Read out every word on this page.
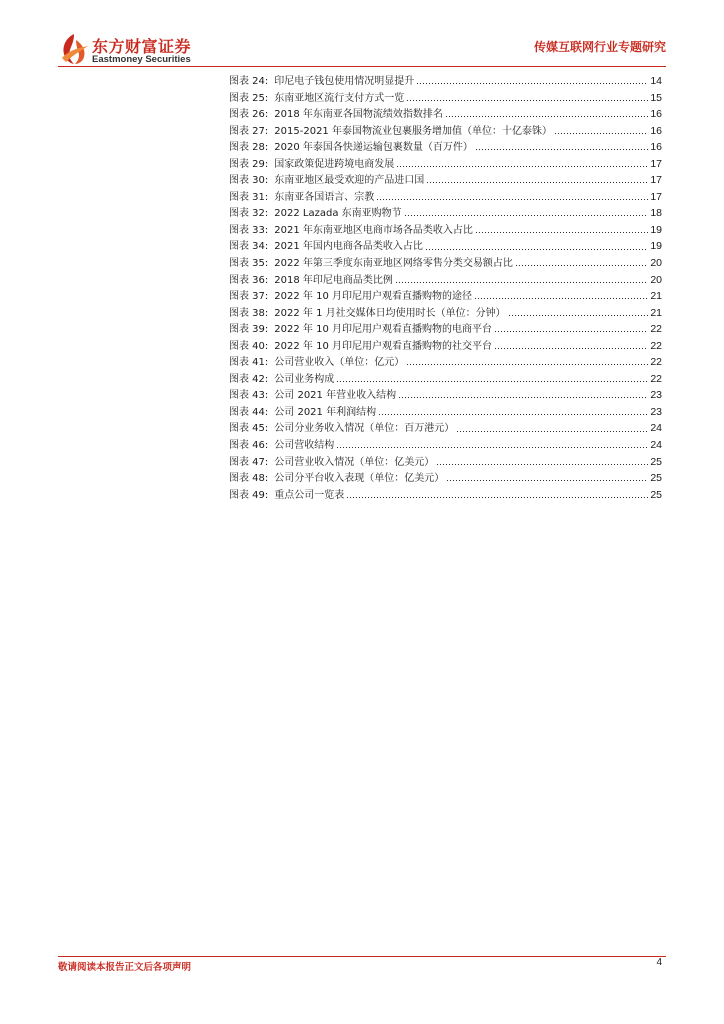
东方财富证券
Eastmoney Securities
传媒互联网行业专题研究
图表 24: 印尼电子钱包使用情况明显提升	14
图表 25: 东南亚地区流行支付方式一览	15
图表 26: 2018 年东南亚各国物流绩效指数排名	16
图表 27: 2015-2021 年泰国物流业包裹服务增加值（单位：十亿泰铢）	16
图表 28: 2020 年泰国各快递运输包裹数量（百万件）	16
图表 29: 国家政策促进跨境电商发展	17
图表 30: 东南亚地区最受欢迎的产品进口国	17
图表 31: 东南亚各国语言、宗教	17
图表 32: 2022 Lazada 东南亚购物节	18
图表 33: 2021 年东南亚地区电商市场各品类收入占比	19
图表 34: 2021 年国内电商各品类收入占比	19
图表 35: 2022 年第三季度东南亚地区网络零售分类交易额占比	20
图表 36: 2018 年印尼电商品类比例	20
图表 37: 2022 年 10 月印尼用户观看直播购物的途径	21
图表 38: 2022 年 1 月社交媒体日均使用时长（单位：分钟）	21
图表 39: 2022 年 10 月印尼用户观看直播购物的电商平台	22
图表 40: 2022 年 10 月印尼用户观看直播购物的社交平台	22
图表 41: 公司营业收入（单位：亿元）	22
图表 42: 公司业务构成	22
图表 43: 公司 2021 年营业收入结构	23
图表 44: 公司 2021 年利润结构	23
图表 45: 公司分业务收入情况（单位：百万港元）	24
图表 46: 公司营收结构	24
图表 47: 公司营业收入情况（单位：亿美元）	25
图表 48: 公司分平台收入表现（单位：亿美元）	25
图表 49: 重点公司一览表	25
敬请阅读本报告正文后各项声明	4
